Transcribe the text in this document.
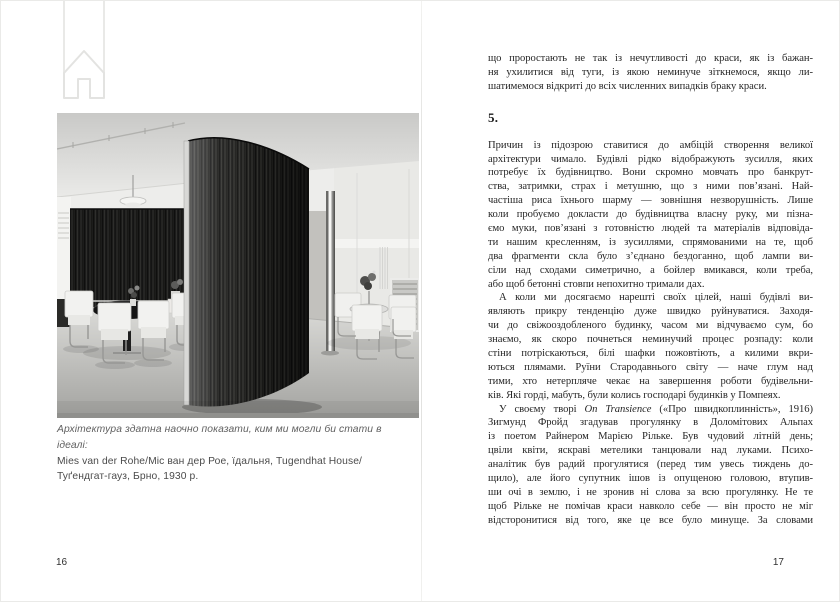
Архітектура здатна наочно показати, ким ми могли би стати в ідеалі:
Mies van der Rohe/Міс ван дер Рое, їдальня, Tugendhat House/
Туґендгат-гауз, Брно, 1930 р.
16
що проростають не так із нечутливості до краси, як із бажан-
ня ухилитися від туги, із якою неминуче зіткнемося, якщо ли-
шатимемося відкриті до всіх численних випадків браку краси.
5.
Причин із підозрою ставитися до амбіцій створення великої
архітектури чимало. Будівлі рідко відображують зусилля, яких
потребує їх будівництво. Вони скромно мовчать про банкрут-
ства, затримки, страх і метушню, що з ними пов’язані. Най-
частіша риса їхнього шарму — зовнішня незворушність. Лише
коли пробуємо докласти до будівництва власну руку, ми пізна-
ємо муки, пов’язані з готовністю людей та матеріалів відповіда-
ти нашим кресленням, із зусиллями, спрямованими на те, щоб
два фрагменти скла було з’єднано бездоганно, щоб лампи ви-
сіли над сходами симетрично, а бойлер вмикався, коли треба,
або щоб бетонні стовпи непохитно тримали дах.
А коли ми досягаємо нарешті своїх цілей, наші будівлі ви-
являють прикру тенденцію дуже швидко руйнуватися. Заходя-
чи до свіжооздобленого будинку, часом ми відчуваємо сум, бо
знаємо, як скоро почнеться неминучий процес розпаду: коли
стіни потріскаються, білі шафки пожовтіють, а килими вкри-
ються плямами. Руїни Стародавнього світу — наче глум над
тими, хто нетерпляче чекає на завершення роботи будівельни-
ків. Які горді, мабуть, були колись господарі будинків у Помпеях.
У своєму творі On Transience («Про швидкоплинність», 1916)
Зигмунд Фройд згадував прогулянку в Доломітових Альпах
із поетом Райнером Марією Рільке. Був чудовий літній день;
цвіли квіти, яскраві метелики танцювали над луками. Психо-
аналітик був радий прогулятися (перед тим увесь тиждень до-
щило), але його супутник ішов із опущеною головою, втупив-
ши очі в землю, і не зронив ні слова за всю прогулянку. Не те
щоб Рільке не помічав краси навколо себе — він просто не міг
відсторонитися від того, яке це все було минуще. За словами
17
